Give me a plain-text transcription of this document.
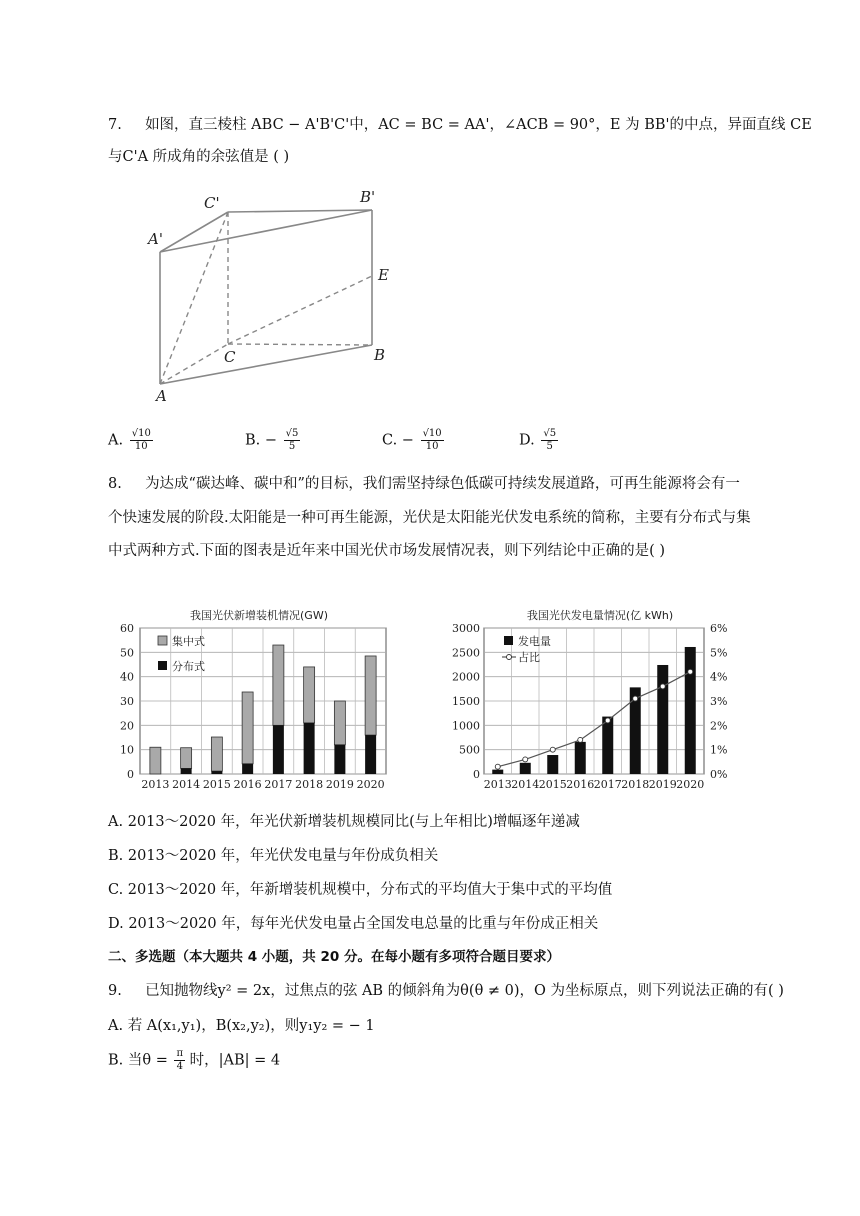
7. 如图，直三棱柱 ABC − A'B'C'中，AC = BC = AA'，∠ACB = 90°，E 为 BB'的中点，异面直线 CE
与C'A 所成角的余弦值是 ( )
C'	B'
A'
E
C	B
A
A. $\frac{√10}{10}$	B. − $\frac{√5}{5}$	C. − $\frac{√10}{10}$	D. $\frac{√5}{5}$
8. 为达成“碳达峰、碳中和”的目标，我们需坚持绿色低碳可持续发展道路，可再生能源将会有一
个快速发展的阶段.太阳能是一种可再生能源，光伏是太阳能光伏发电系统的简称，主要有分布式与集
中式两种方式.下面的图表是近年来中国光伏市场发展情况表，则下列结论中正确的是( )
0
10
20
30
40
50
60
2013 2014 2015 2016 2017 2018 2019 2020
我国光伏新增装机情况(GW)
集中式
分布式
0	0%
500	1%
1000	2%
1500	3%
2000	4%
2500	5%
3000	6%
2013 2014 2015 2016 2017 2018 2019 2020
我国光伏发电量情况(亿 kWh)
发电量
占比
A. 2013～2020 年，年光伏新增装机规模同比(与上年相比)增幅逐年递减
B. 2013～2020 年，年光伏发电量与年份成负相关
C. 2013～2020 年，年新增装机规模中，分布式的平均值大于集中式的平均值
D. 2013～2020 年，每年光伏发电量占全国发电总量的比重与年份成正相关
二、多选题（本大题共 4 小题，共 20 分。在每小题有多项符合题目要求）
9. 已知抛物线y² = 2x，过焦点的弦 AB 的倾斜角为θ(θ ≠ 0)，O 为坐标原点，则下列说法正确的有( )
A. 若 A(x₁,y₁)，B(x₂,y₂)，则y₁y₂ = − 1
B. 当$\theta = \frac{\pi}{4}$ 时，|AB| = 4
